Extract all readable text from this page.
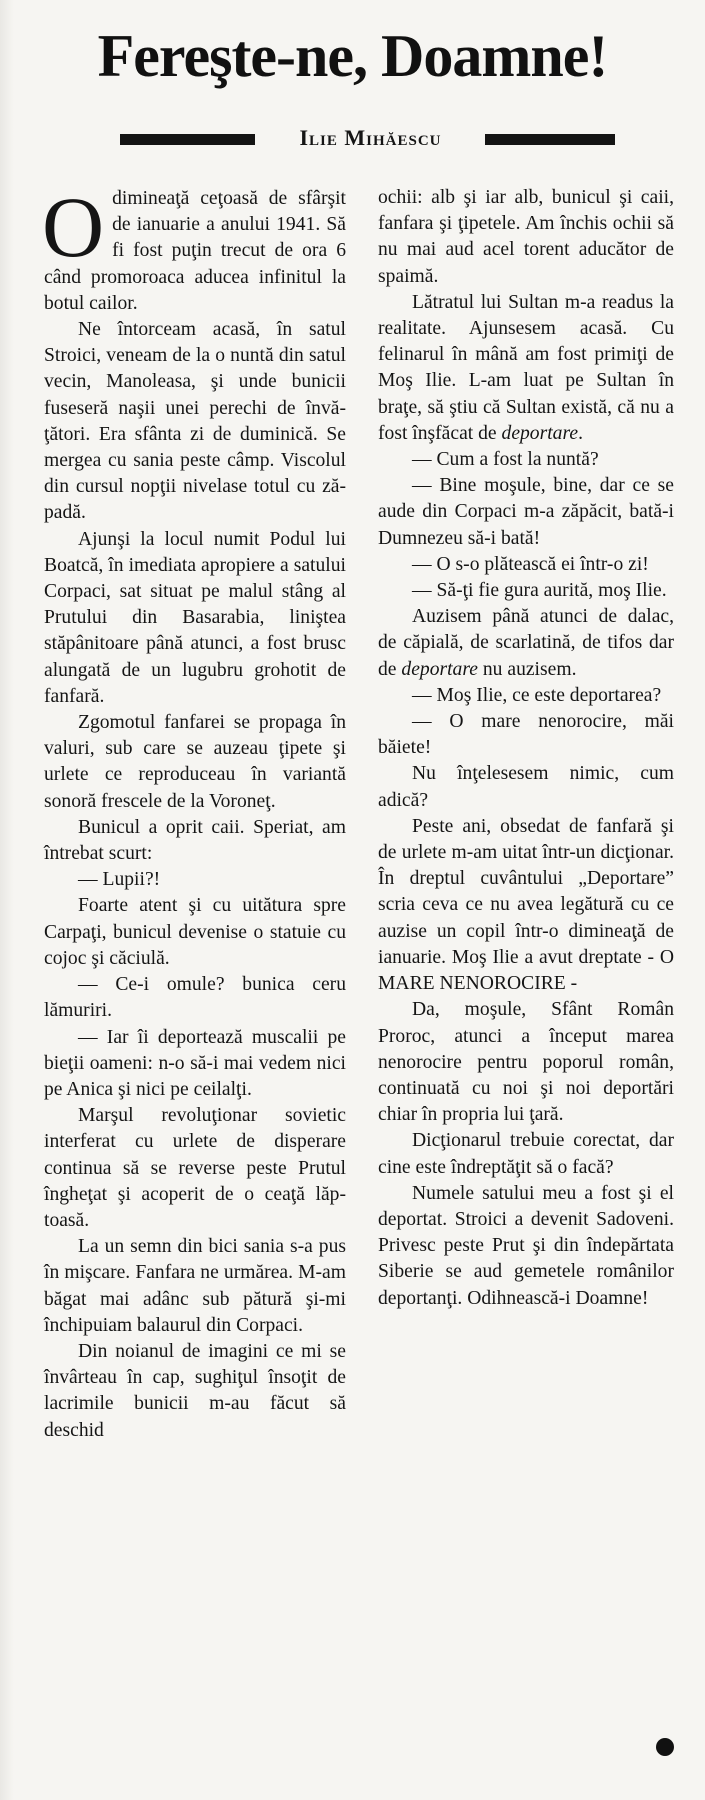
Fereşte-ne, Doamne!
Ilie Mihăescu

Odimineaţă ceţoasă de sfârşit de ianuarie a anului 1941. Să fi fost puţin trecut de ora 6 când promoroaca aducea infinitul la botul cailor.

Ne întorceam acasă, în satul Stroici, veneam de la o nuntă din satul vecin, Manoleasa, şi unde bunicii fuseseră naşii unei perechi de învăţători. Era sfânta zi de duminică. Se mergea cu sania peste câmp. Viscolul din cursul nopţii nivelase totul cu zăpadă.

Ajunşi la locul numit Podul lui Boatcă, în imediata apropiere a satului Corpaci, sat situat pe malul stâng al Prutului din Basarabia, liniştea stăpânitoare până atunci, a fost brusc alungată de un lugubru grohotit de fanfară.

Zgomotul fanfarei se propaga în valuri, sub care se auzeau ţipete şi urlete ce reproduceau în variantă sonoră frescele de la Voroneţ.

Bunicul a oprit caii. Speriat, am întrebat scurt:

— Lupii?!

Foarte atent şi cu uitătura spre Carpaţi, bunicul devenise o statuie cu cojoc şi căciulă.

— Ce-i omule? bunica ceru lămuriri.

— Iar îi deportează muscalii pe bieţii oameni: n-o să-i mai vedem nici pe Anica şi nici pe ceilalţi.

Marşul revoluţionar sovietic interferat cu urlete de disperare continua să se reverse peste Prutul îngheţat şi acoperit de o ceaţă lăptoasă.

La un semn din bici sania s-a pus în mişcare. Fanfara ne urmărea. M-am băgat mai adânc sub pătură şi-mi închipuiam balaurul din Corpaci.

Din noianul de imagini ce mi se învârteau în cap, sughiţul însoţit de lacrimile bunicii m-au făcut să deschid

ochii: alb şi iar alb, bunicul şi caii, fanfara şi ţipetele. Am închis ochii să nu mai aud acel torent aducător de spaimă.

Lătratul lui Sultan m-a readus la realitate. Ajunsesem acasă. Cu felinarul în mână am fost primiţi de Moş Ilie. L-am luat pe Sultan în braţe, să ştiu că Sultan există, că nu a fost înşfăcat de deportare.

— Cum a fost la nuntă?

— Bine moşule, bine, dar ce se aude din Corpaci m-a zăpăcit, bată-i Dumnezeu să-i bată!

— O s-o plătească ei într-o zi!

— Să-ţi fie gura aurită, moş Ilie.

Auzisem până atunci de dalac, de căpială, de scarlatină, de tifos dar de deportare nu auzisem.

— Moş Ilie, ce este deportarea?

— O mare nenorocire, măi băiete!

Nu înţelesesem nimic, cum adică?

Peste ani, obsedat de fanfară şi de urlete m-am uitat într-un dicţionar. În dreptul cuvântului „Deportare” scria ceva ce nu avea legătură cu ce auzise un copil într-o dimineaţă de ianuarie. Moş Ilie a avut dreptate - O MARE NENOROCIRE -

Da, moşule, Sfânt Român Proroc, atunci a început marea nenorocire pentru poporul român, continuată cu noi şi noi deportări chiar în propria lui ţară.

Dicţionarul trebuie corectat, dar cine este îndreptăţit să o facă?

Numele satului meu a fost şi el deportat. Stroici a devenit Sadoveni. Privesc peste Prut şi din îndepărtata Siberie se aud gemetele românilor deportanţi. Odihnească-i Doamne!
